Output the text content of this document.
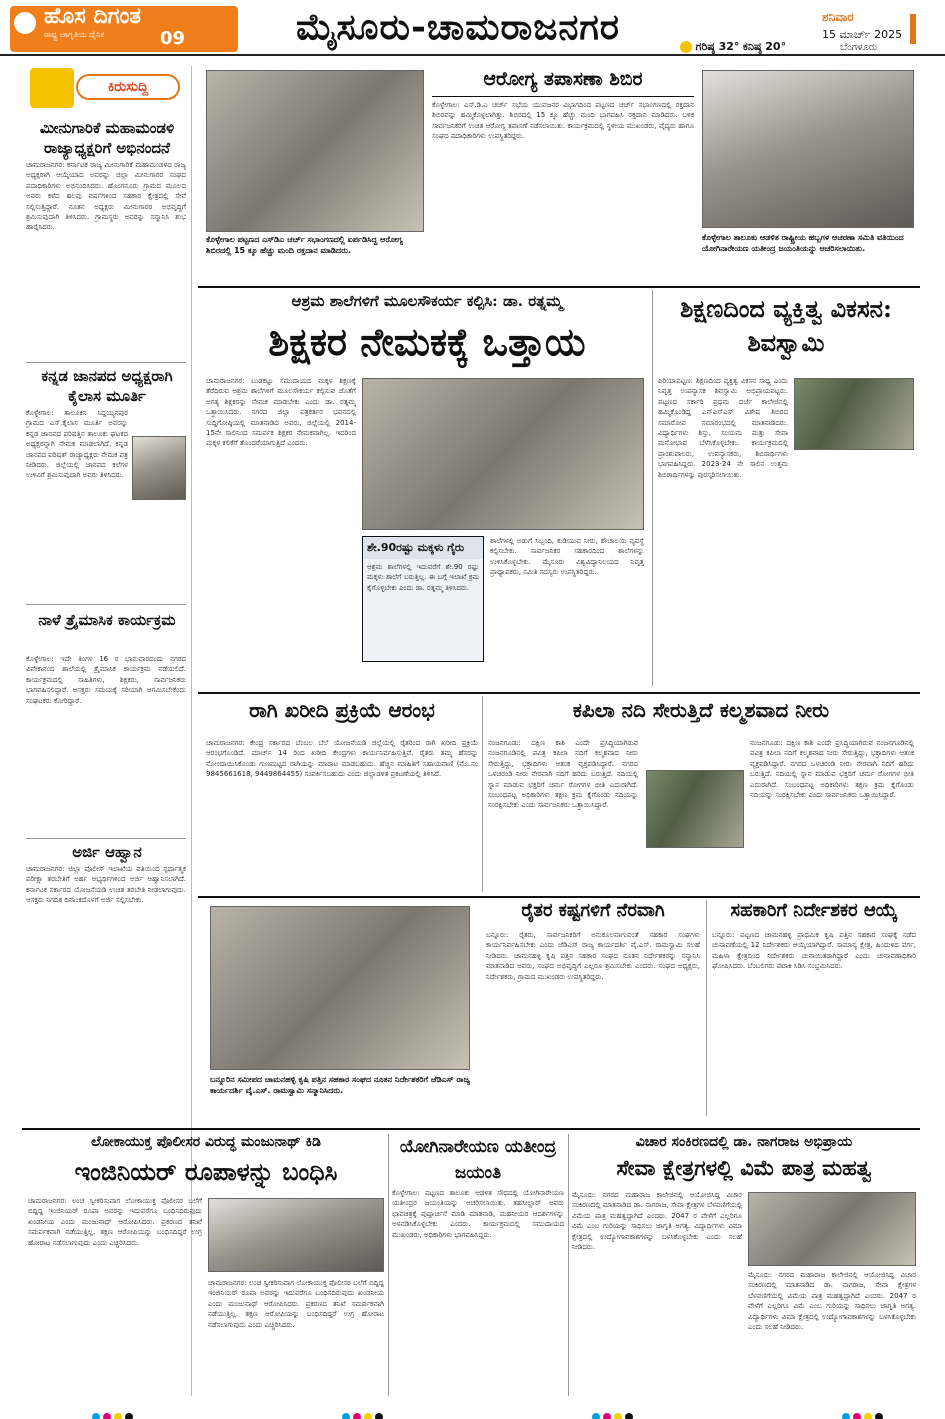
ಹೊಸ ದಿಗಂತ
ರಾಷ್ಟ್ರ ಜಾಗೃತಿಯ ದೈನಿಕ	09	ಮೈಸೂರು-ಚಾಮರಾಜನಗರ	ಗರಿಷ್ಠ 32° ಕನಿಷ್ಠ 20°
ಶನಿವಾರ
15 ಮಾರ್ಚ್ 2025
ಬೆಂಗಳೂರು
ಕಿರುಸುದ್ದಿ
ಮೀನುಗಾರಿಕೆ ಮಹಾಮಂಡಳಿ ರಾಜ್ಯಾಧ್ಯಕ್ಷರಿಗೆ ಅಭಿನಂದನೆ
ಚಾಮರಾಜನಗರ: ಕರ್ನಾಟಕ ರಾಜ್ಯ ಮೀನುಗಾರಿಕೆ ಮಹಾಮಂಡಳದ ರಾಜ್ಯ ಅಧ್ಯಕ್ಷರಾಗಿ ಆಯ್ಕೆಯಾದ ಅವರನ್ನು ಜಿಲ್ಲಾ ಮೀನುಗಾರರ ಸಂಘದ ಪದಾಧಿಕಾರಿಗಳು ಅಭಿನಂದಿಸಿದರು. ಹೊಂಗನೂರು ಗ್ರಾಮದ ಮೂಲದ ಅವರು ಕಳೆದ ಹಲವು ವರ್ಷಗಳಿಂದ ಸಹಕಾರ ಕ್ಷೇತ್ರದಲ್ಲಿ ಸೇವೆ ಸಲ್ಲಿಸುತ್ತಿದ್ದಾರೆ. ನೂತನ ಅಧ್ಯಕ್ಷರು ಮೀನುಗಾರರ ಅಭಿವೃದ್ಧಿಗೆ ಶ್ರಮಿಸುವುದಾಗಿ ತಿಳಿಸಿದರು. ಗ್ರಾಮಸ್ಥರು ಅವರನ್ನು ಸನ್ಮಾನಿಸಿ ಶುಭ ಹಾರೈಸಿದರು.
ಕನ್ನಡ ಜಾನಪದ ಅಧ್ಯಕ್ಷರಾಗಿ ಕೈಲಾಸ ಮೂರ್ತಿ
ಕೊಳ್ಳೇಗಾಲ: ತಾಲೂಕಿನ ಸಿದ್ದಯ್ಯನಪುರ ಗ್ರಾಮದ ಎಸ್.ಕೈಲಾಸ ಮೂರ್ತಿ ಅವರನ್ನು ಕನ್ನಡ ಜಾನಪದ ಪರಿಷತ್ತಿನ ತಾಲೂಕು ಘಟಕದ ಅಧ್ಯಕ್ಷರನ್ನಾಗಿ ನೇಮಕ ಮಾಡಲಾಗಿದೆ. ಕನ್ನಡ ಜಾನಪದ ಪರಿಷತ್ ರಾಜ್ಯಾಧ್ಯಕ್ಷರು ನೇಮಕ ಪತ್ರ ನೀಡಿದರು. ಜಿಲ್ಲೆಯಲ್ಲಿ ಜಾನಪದ ಕಲೆಗಳ ಉಳಿವಿಗೆ ಶ್ರಮಿಸುವುದಾಗಿ ಅವರು ತಿಳಿಸಿದರು.
ನಾಳೆ ತ್ರೈಮಾಸಿಕ ಕಾರ್ಯಕ್ರಮ
ಕೊಳ್ಳೇಗಾಲ: ಇದೇ ತಿಂಗಳ 16 ರ ಭಾನುವಾರದಂದು ನಗರದ ವಿವೇಕಾನಂದ ಶಾಲೆಯಲ್ಲಿ ತ್ರೈಮಾಸಿಕ ಕಾರ್ಯಕ್ರಮ ನಡೆಯಲಿದೆ. ಕಾರ್ಯಕ್ರಮದಲ್ಲಿ ಸಾಹಿತಿಗಳು, ಶಿಕ್ಷಕರು, ಸಾರ್ವಜನಿಕರು ಭಾಗವಹಿಸಲಿದ್ದಾರೆ. ಆಸಕ್ತರು ಸಮಯಕ್ಕೆ ಸರಿಯಾಗಿ ಆಗಮಿಸಬೇಕೆಂದು ಸಂಘಟಕರು ಕೋರಿದ್ದಾರೆ.
ಅರ್ಜಿ ಆಹ್ವಾನ
ಚಾಮರಾಜನಗರ: ಜಿಲ್ಲಾ ಪೊಲೀಸ್ ಇಲಾಖೆಯ ವತಿಯಿಂದ ಸ್ಪರ್ಧಾತ್ಮಕ ಪರೀಕ್ಷಾ ತರಬೇತಿಗೆ ಅರ್ಹ ಅಭ್ಯರ್ಥಿಗಳಿಂದ ಅರ್ಜಿ ಆಹ್ವಾನಿಸಲಾಗಿದೆ. ಕರ್ನಾಟಕ ಸರ್ಕಾರದ ಯೋಜನೆಯಡಿ ಉಚಿತ ತರಬೇತಿ ನೀಡಲಾಗುವುದು. ಆಸಕ್ತರು ನಿಗದಿತ ದಿನಾಂಕದೊಳಗೆ ಅರ್ಜಿ ಸಲ್ಲಿಸಬೇಕು.
ಕೊಳ್ಳೇಗಾಲ ಪಟ್ಟಣದ ಎಸ್‌ಡಿಎ ಚರ್ಚ್ ಸಭಾಂಗಣದಲ್ಲಿ ಏರ್ಪಡಿಸಿದ್ದ ಆರೋಗ್ಯ ಶಿಬಿರದಲ್ಲಿ 15 ಕ್ಕೂ ಹೆಚ್ಚು ಮಂದಿ ರಕ್ತದಾನ ಮಾಡಿದರು.
ಆರೋಗ್ಯ ತಪಾಸಣಾ ಶಿಬಿರ
ಕೊಳ್ಳೇಗಾಲ: ಎಸ್.ಡಿ.ಎ ಚರ್ಚ್ ಸಭೆಯ ಯುವಜನರ ವಿಭಾಗದಿಂದ ಪಟ್ಟಣದ ಚರ್ಚ್ ಸಭಾಂಗಣದಲ್ಲಿ ರಕ್ತದಾನ ಶಿಬಿರವನ್ನು ಹಮ್ಮಿಕೊಳ್ಳಲಾಗಿತ್ತು. ಶಿಬಿರದಲ್ಲಿ 15 ಕ್ಕೂ ಹೆಚ್ಚು ಮಂದಿ ಭಾಗವಹಿಸಿ ರಕ್ತದಾನ ಮಾಡಿದರು. ಬಳಿಕ ಸಾರ್ವಜನಿಕರಿಗೆ ಉಚಿತ ಆರೋಗ್ಯ ತಪಾಸಣೆ ನಡೆಸಲಾಯಿತು. ಕಾರ್ಯಕ್ರಮದಲ್ಲಿ ಸ್ಥಳೀಯ ಮುಖಂಡರು, ವೈದ್ಯರು ಹಾಗೂ ಸಂಘದ ಪದಾಧಿಕಾರಿಗಳು ಉಪಸ್ಥಿತರಿದ್ದರು.
ಕೊಳ್ಳೇಗಾಲ ತಾಲೂಕು ಆಡಳಿತ ರಾಷ್ಟ್ರೀಯ ಹಬ್ಬಗಳ ಆಚರಣಾ ಸಮಿತಿ ವತಿಯಿಂದ ಯೋಗಿನಾರೇಯಣ ಯತೀಂದ್ರ ಜಯಂತಿಯನ್ನು ಆಚರಿಸಲಾಯಿತು.
ಆಶ್ರಮ ಶಾಲೆಗಳಿಗೆ ಮೂಲಸೌಕರ್ಯ ಕಲ್ಪಿಸಿ: ಡಾ. ರತ್ನಮ್ಮ
ಶಿಕ್ಷಕರ ನೇಮಕಕ್ಕೆ ಒತ್ತಾಯ
ಚಾಮರಾಜನಗರ: ಬುಡಕಟ್ಟು ಸಮುದಾಯದ ಮಕ್ಕಳ ಶಿಕ್ಷಣಕ್ಕೆ ತೆರೆದಿರುವ ಆಶ್ರಮ ಶಾಲೆಗಳಿಗೆ ಮೂಲಸೌಕರ್ಯ ಕಲ್ಪಿಸುವ ಜೊತೆಗೆ ಅಗತ್ಯ ಶಿಕ್ಷಕರನ್ನು ನೇಮಕ ಮಾಡಬೇಕು ಎಂದು ಡಾ. ರತ್ನಮ್ಮ ಒತ್ತಾಯಿಸಿದರು. ನಗರದ ಜಿಲ್ಲಾ ಪತ್ರಕರ್ತರ ಭವನದಲ್ಲಿ ಸುದ್ದಿಗೋಷ್ಠಿಯಲ್ಲಿ ಮಾತನಾಡಿದ ಅವರು, ಜಿಲ್ಲೆಯಲ್ಲಿ 2014-15ನೇ ಸಾಲಿನಿಂದ ಸಮರ್ಪಕ ಶಿಕ್ಷಕರ ನೇಮಕವಾಗಿಲ್ಲ. ಇದರಿಂದ ಮಕ್ಕಳ ಕಲಿಕೆಗೆ ತೊಂದರೆಯಾಗುತ್ತಿದೆ ಎಂದರು.
ಶೇ.90ರಷ್ಟು ಮಕ್ಕಳು ಗೈರು
ಆಶ್ರಮ ಶಾಲೆಗಳಲ್ಲಿ ಇದುವರೆಗೆ ಶೇ.90 ರಷ್ಟು ಮಕ್ಕಳು ಶಾಲೆಗೆ ಬರುತ್ತಿಲ್ಲ. ಈ ಬಗ್ಗೆ ಇಲಾಖೆ ಕ್ರಮ ಕೈಗೊಳ್ಳಬೇಕು ಎಂದು ಡಾ. ರತ್ನಮ್ಮ ತಿಳಿಸಿದರು.
ಶಾಲೆಗಳಲ್ಲಿ ಅಡುಗೆ ಸಿಬ್ಬಂದಿ, ಕುಡಿಯುವ ನೀರು, ಶೌಚಾಲಯ ವ್ಯವಸ್ಥೆ ಕಲ್ಪಿಸಬೇಕು. ಸಾರ್ವಜನಿಕರ ಸಹಕಾರದಿಂದ ಶಾಲೆಗಳನ್ನು ಉಳಿಸಿಕೊಳ್ಳಬೇಕು. ಮೈಸೂರು ವಿಶ್ವವಿದ್ಯಾನಿಲಯದ ನಿವೃತ್ತ ಪ್ರಾಧ್ಯಾಪಕರು, ಸಮಿತಿ ಸದಸ್ಯರು ಉಪಸ್ಥಿತರಿದ್ದರು.
ಶಿಕ್ಷಣದಿಂದ ವ್ಯಕ್ತಿತ್ವ ವಿಕಸನ: ಶಿವಸ್ವಾಮಿ
ಪಿರಿಯಾಪಟ್ಟಣ: ಶಿಕ್ಷಣದಿಂದ ವ್ಯಕ್ತಿತ್ವ ವಿಕಸನ ಸಾಧ್ಯ ಎಂದು ನಿವೃತ್ತ ಉಪನ್ಯಾಸಕ ಶಿವಸ್ವಾಮಿ ಅಭಿಪ್ರಾಯಪಟ್ಟರು. ಪಟ್ಟಣದ ಸರ್ಕಾರಿ ಪ್ರಥಮ ದರ್ಜೆ ಕಾಲೇಜಿನಲ್ಲಿ ಹಮ್ಮಿಕೊಂಡಿದ್ದ ಎನ್‌ಎಸ್‌ಎಸ್ ವಿಶೇಷ ಶಿಬಿರದ ಸಮಾರೋಪ ಸಮಾರಂಭದಲ್ಲಿ ಮಾತನಾಡಿದರು. ವಿದ್ಯಾರ್ಥಿಗಳು ಶಿಸ್ತು, ಸಂಯಮ ಮತ್ತು ಸೇವಾ ಮನೋಭಾವ ಬೆಳೆಸಿಕೊಳ್ಳಬೇಕು. ಕಾರ್ಯಕ್ರಮದಲ್ಲಿ ಪ್ರಾಂಶುಪಾಲರು, ಉಪನ್ಯಾಸಕರು, ಶಿಬಿರಾರ್ಥಿಗಳು ಭಾಗವಹಿಸಿದ್ದರು. 2023-24 ನೇ ಸಾಲಿನ ಉತ್ತಮ ಶಿಬಿರಾರ್ಥಿಗಳನ್ನು ಪುರಸ್ಕರಿಸಲಾಯಿತು.
ರಾಗಿ ಖರೀದಿ ಪ್ರಕ್ರಿಯೆ ಆರಂಭ
ಚಾಮರಾಜನಗರ: ಕೇಂದ್ರ ಸರ್ಕಾರದ ಬೆಂಬಲ ಬೆಲೆ ಯೋಜನೆಯಡಿ ಜಿಲ್ಲೆಯಲ್ಲಿ ರೈತರಿಂದ ರಾಗಿ ಖರೀದಿ ಪ್ರಕ್ರಿಯೆ ಆರಂಭಗೊಂಡಿದೆ. ಮಾರ್ಚ್ 14 ರಿಂದ ಖರೀದಿ ಕೇಂದ್ರಗಳು ಕಾರ್ಯನಿರ್ವಹಿಸುತ್ತಿವೆ. ರೈತರು ತಮ್ಮ ಹೆಸರನ್ನು ನೋಂದಾಯಿಸಿಕೊಂಡು ಗುಣಮಟ್ಟದ ರಾಗಿಯನ್ನು ಮಾರಾಟ ಮಾಡಬಹುದು. ಹೆಚ್ಚಿನ ಮಾಹಿತಿಗೆ ಸಹಾಯವಾಣಿ (ಮೊ.ನಂ 9845661618, 9449864455) ಸಂಪರ್ಕಿಸಬಹುದು ಎಂದು ಜಿಲ್ಲಾಡಳಿತ ಪ್ರಕಟಣೆಯಲ್ಲಿ ತಿಳಿಸಿದೆ.
ಕಪಿಲಾ ನದಿ ಸೇರುತ್ತಿದೆ ಕಲ್ಮಶವಾದ ನೀರು
ನಂಜನಗೂಡು: ದಕ್ಷಿಣ ಕಾಶಿ ಎಂದೇ ಪ್ರಸಿದ್ಧಿಯಾಗಿರುವ ನಂಜನಗೂಡಿನಲ್ಲಿ ಪವಿತ್ರ ಕಪಿಲಾ ನದಿಗೆ ಕಲ್ಮಶವಾದ ನೀರು ಸೇರುತ್ತಿದ್ದು, ಭಕ್ತಾದಿಗಳು ಆತಂಕ ವ್ಯಕ್ತಪಡಿಸಿದ್ದಾರೆ. ನಗರದ ಒಳಚರಂಡಿ ನೀರು ನೇರವಾಗಿ ನದಿಗೆ ಹರಿದು ಬರುತ್ತಿದೆ. ನದಿಯಲ್ಲಿ ಸ್ನಾನ ಮಾಡುವ ಭಕ್ತರಿಗೆ ಚರ್ಮ ರೋಗಗಳ ಭೀತಿ ಎದುರಾಗಿದೆ. ಸಂಬಂಧಪಟ್ಟ ಅಧಿಕಾರಿಗಳು ತಕ್ಷಣ ಕ್ರಮ ಕೈಗೊಂಡು ನದಿಯನ್ನು ಸಂರಕ್ಷಿಸಬೇಕು ಎಂದು ಸಾರ್ವಜನಿಕರು ಒತ್ತಾಯಿಸಿದ್ದಾರೆ.
ನಂಜನಗೂಡು: ದಕ್ಷಿಣ ಕಾಶಿ ಎಂದೇ ಪ್ರಸಿದ್ಧಿಯಾಗಿರುವ ನಂಜನಗೂಡಿನಲ್ಲಿ ಪವಿತ್ರ ಕಪಿಲಾ ನದಿಗೆ ಕಲ್ಮಶವಾದ ನೀರು ಸೇರುತ್ತಿದ್ದು, ಭಕ್ತಾದಿಗಳು ಆತಂಕ ವ್ಯಕ್ತಪಡಿಸಿದ್ದಾರೆ. ನಗರದ ಒಳಚರಂಡಿ ನೀರು ನೇರವಾಗಿ ನದಿಗೆ ಹರಿದು ಬರುತ್ತಿದೆ. ನದಿಯಲ್ಲಿ ಸ್ನಾನ ಮಾಡುವ ಭಕ್ತರಿಗೆ ಚರ್ಮ ರೋಗಗಳ ಭೀತಿ ಎದುರಾಗಿದೆ. ಸಂಬಂಧಪಟ್ಟ ಅಧಿಕಾರಿಗಳು ತಕ್ಷಣ ಕ್ರಮ ಕೈಗೊಂಡು ನದಿಯನ್ನು ಸಂರಕ್ಷಿಸಬೇಕು ಎಂದು ಸಾರ್ವಜನಿಕರು ಒತ್ತಾಯಿಸಿದ್ದಾರೆ.
ಬನ್ನೂರಿನ ಸಮೀಪದ ಚಾಮನಹಳ್ಳಿ ಕೃಷಿ ಪತ್ತಿನ ಸಹಕಾರ ಸಂಘದ ನೂತನ ನಿರ್ದೇಶಕರಿಗೆ ಜೆಡಿಎಸ್ ರಾಜ್ಯ ಕಾರ್ಯದರ್ಶಿ ವೈ.ಎಸ್. ರಾಮಸ್ವಾಮಿ ಸನ್ಮಾನಿಸಿದರು.
ರೈತರ ಕಷ್ಟಗಳಿಗೆ ನೆರವಾಗಿ
ಬನ್ನೂರು: ರೈತರು, ಸಾರ್ವಜನಿಕರಿಗೆ ಅನುಕೂಲವಾಗುವಂತೆ ಸಹಕಾರ ಸಂಘಗಳು ಕಾರ್ಯನಿರ್ವಹಿಸಬೇಕು ಎಂದು ಜೆಡಿಎಸ್ ರಾಜ್ಯ ಕಾರ್ಯದರ್ಶಿ ವೈ.ಎಸ್. ರಾಮಸ್ವಾಮಿ ಸಲಹೆ ನೀಡಿದರು. ಚಾಮನಹಳ್ಳಿ ಕೃಷಿ ಪತ್ತಿನ ಸಹಕಾರ ಸಂಘದ ನೂತನ ನಿರ್ದೇಶಕರನ್ನು ಸನ್ಮಾನಿಸಿ ಮಾತನಾಡಿದ ಅವರು, ಸಂಘದ ಅಭಿವೃದ್ಧಿಗೆ ಎಲ್ಲರೂ ಶ್ರಮಿಸಬೇಕು ಎಂದರು. ಸಂಘದ ಅಧ್ಯಕ್ಷರು, ನಿರ್ದೇಶಕರು, ಗ್ರಾಮದ ಮುಖಂಡರು ಉಪಸ್ಥಿತರಿದ್ದರು.
ಸಹಕಾರಿಗೆ ನಿರ್ದೇಶಕರ ಆಯ್ಕೆ
ಬನ್ನೂರು: ಪಟ್ಟಣದ ಚಾಮನಹಳ್ಳಿ ಪ್ರಾಥಮಿಕ ಕೃಷಿ ಪತ್ತಿನ ಸಹಕಾರ ಸಂಘಕ್ಕೆ ನಡೆದ ಚುನಾವಣೆಯಲ್ಲಿ 12 ನಿರ್ದೇಶಕರು ಆಯ್ಕೆಯಾಗಿದ್ದಾರೆ. ಸಾಮಾನ್ಯ ಕ್ಷೇತ್ರ, ಹಿಂದುಳಿದ ವರ್ಗ, ಮಹಿಳಾ ಕ್ಷೇತ್ರದಿಂದ ನಿರ್ದೇಶಕರು ಚುನಾಯಿತರಾಗಿದ್ದಾರೆ ಎಂದು ಚುನಾವಣಾಧಿಕಾರಿ ಘೋಷಿಸಿದರು. ಬೆಂಬಲಿಗರು ಪಟಾಕಿ ಸಿಡಿಸಿ ಸಂಭ್ರಮಿಸಿದರು.
ಲೋಕಾಯುಕ್ತ ಪೊಲೀಸರ ವಿರುದ್ಧ ಮಂಜುನಾಥ್ ಕಿಡಿ
ಇಂಜಿನಿಯರ್ ರೂಪಾಳನ್ನು ಬಂಧಿಸಿ
ಚಾಮರಾಜನಗರ: ಲಂಚ ಸ್ವೀಕರಿಸುವಾಗ ಲೋಕಾಯುಕ್ತ ಪೊಲೀಸರ ಬಲೆಗೆ ಬಿದ್ದಿದ್ದ ಇಂಜಿನಿಯರ್ ರೂಪಾ ಅವರನ್ನು ಇದುವರೆಗೂ ಬಂಧಿಸದಿರುವುದು ಖಂಡನೀಯ ಎಂದು ಮಂಜುನಾಥ್ ಆರೋಪಿಸಿದರು. ಪ್ರಕರಣದ ತನಿಖೆ ಸಮರ್ಪಕವಾಗಿ ನಡೆಯುತ್ತಿಲ್ಲ. ತಕ್ಷಣ ಆರೋಪಿಯನ್ನು ಬಂಧಿಸದಿದ್ದರೆ ಉಗ್ರ ಹೋರಾಟ ನಡೆಸಲಾಗುವುದು ಎಂದು ಎಚ್ಚರಿಸಿದರು.
ಚಾಮರಾಜನಗರ: ಲಂಚ ಸ್ವೀಕರಿಸುವಾಗ ಲೋಕಾಯುಕ್ತ ಪೊಲೀಸರ ಬಲೆಗೆ ಬಿದ್ದಿದ್ದ ಇಂಜಿನಿಯರ್ ರೂಪಾ ಅವರನ್ನು ಇದುವರೆಗೂ ಬಂಧಿಸದಿರುವುದು ಖಂಡನೀಯ ಎಂದು ಮಂಜುನಾಥ್ ಆರೋಪಿಸಿದರು. ಪ್ರಕರಣದ ತನಿಖೆ ಸಮರ್ಪಕವಾಗಿ ನಡೆಯುತ್ತಿಲ್ಲ. ತಕ್ಷಣ ಆರೋಪಿಯನ್ನು ಬಂಧಿಸದಿದ್ದರೆ ಉಗ್ರ ಹೋರಾಟ ನಡೆಸಲಾಗುವುದು ಎಂದು ಎಚ್ಚರಿಸಿದರು.
ಯೋಗಿನಾರೇಯಣ ಯತೀಂದ್ರ ಜಯಂತಿ
ಕೊಳ್ಳೇಗಾಲ: ಪಟ್ಟಣದ ತಾಲೂಕು ಆಡಳಿತ ಸೌಧದಲ್ಲಿ ಯೋಗಿನಾರೇಯಣ ಯತೀಂದ್ರರ ಜಯಂತಿಯನ್ನು ಆಚರಿಸಲಾಯಿತು. ತಹಸೀಲ್ದಾರ್ ಅವರು ಭಾವಚಿತ್ರಕ್ಕೆ ಪುಷ್ಪಾರ್ಚನೆ ಮಾಡಿ ಮಾತನಾಡಿ, ಮಹನೀಯರ ಆದರ್ಶಗಳನ್ನು ಅಳವಡಿಸಿಕೊಳ್ಳಬೇಕು ಎಂದರು. ಕಾರ್ಯಕ್ರಮದಲ್ಲಿ ಸಮುದಾಯದ ಮುಖಂಡರು, ಅಧಿಕಾರಿಗಳು ಭಾಗವಹಿಸಿದ್ದರು.
ವಿಚಾರ ಸಂಕಿರಣದಲ್ಲಿ ಡಾ. ನಾಗರಾಜ ಅಭಿಪ್ರಾಯ
ಸೇವಾ ಕ್ಷೇತ್ರಗಳಲ್ಲಿ ವಿಮೆ ಪಾತ್ರ ಮಹತ್ವ
ಮೈಸೂರು: ನಗರದ ಮಹಾರಾಜ ಕಾಲೇಜಿನಲ್ಲಿ ಆಯೋಜಿಸಿದ್ದ ವಿಚಾರ ಸಂಕಿರಣದಲ್ಲಿ ಮಾತನಾಡಿದ ಡಾ. ನಾಗರಾಜ, ಸೇವಾ ಕ್ಷೇತ್ರಗಳ ಬೆಳವಣಿಗೆಯಲ್ಲಿ ವಿಮೆಯ ಪಾತ್ರ ಮಹತ್ವದ್ದಾಗಿದೆ ಎಂದರು. 2047 ರ ವೇಳೆಗೆ ಎಲ್ಲರಿಗೂ ವಿಮೆ ಎಂಬ ಗುರಿಯನ್ನು ಸಾಧಿಸಲು ಜಾಗೃತಿ ಅಗತ್ಯ. ವಿದ್ಯಾರ್ಥಿಗಳು ವಿಮಾ ಕ್ಷೇತ್ರದಲ್ಲಿ ಉದ್ಯೋಗಾವಕಾಶಗಳನ್ನು ಬಳಸಿಕೊಳ್ಳಬೇಕು ಎಂದು ಸಲಹೆ ನೀಡಿದರು.
ಮೈಸೂರು: ನಗರದ ಮಹಾರಾಜ ಕಾಲೇಜಿನಲ್ಲಿ ಆಯೋಜಿಸಿದ್ದ ವಿಚಾರ ಸಂಕಿರಣದಲ್ಲಿ ಮಾತನಾಡಿದ ಡಾ. ನಾಗರಾಜ, ಸೇವಾ ಕ್ಷೇತ್ರಗಳ ಬೆಳವಣಿಗೆಯಲ್ಲಿ ವಿಮೆಯ ಪಾತ್ರ ಮಹತ್ವದ್ದಾಗಿದೆ ಎಂದರು. 2047 ರ ವೇಳೆಗೆ ಎಲ್ಲರಿಗೂ ವಿಮೆ ಎಂಬ ಗುರಿಯನ್ನು ಸಾಧಿಸಲು ಜಾಗೃತಿ ಅಗತ್ಯ. ವಿದ್ಯಾರ್ಥಿಗಳು ವಿಮಾ ಕ್ಷೇತ್ರದಲ್ಲಿ ಉದ್ಯೋಗಾವಕಾಶಗಳನ್ನು ಬಳಸಿಕೊಳ್ಳಬೇಕು ಎಂದು ಸಲಹೆ ನೀಡಿದರು.
